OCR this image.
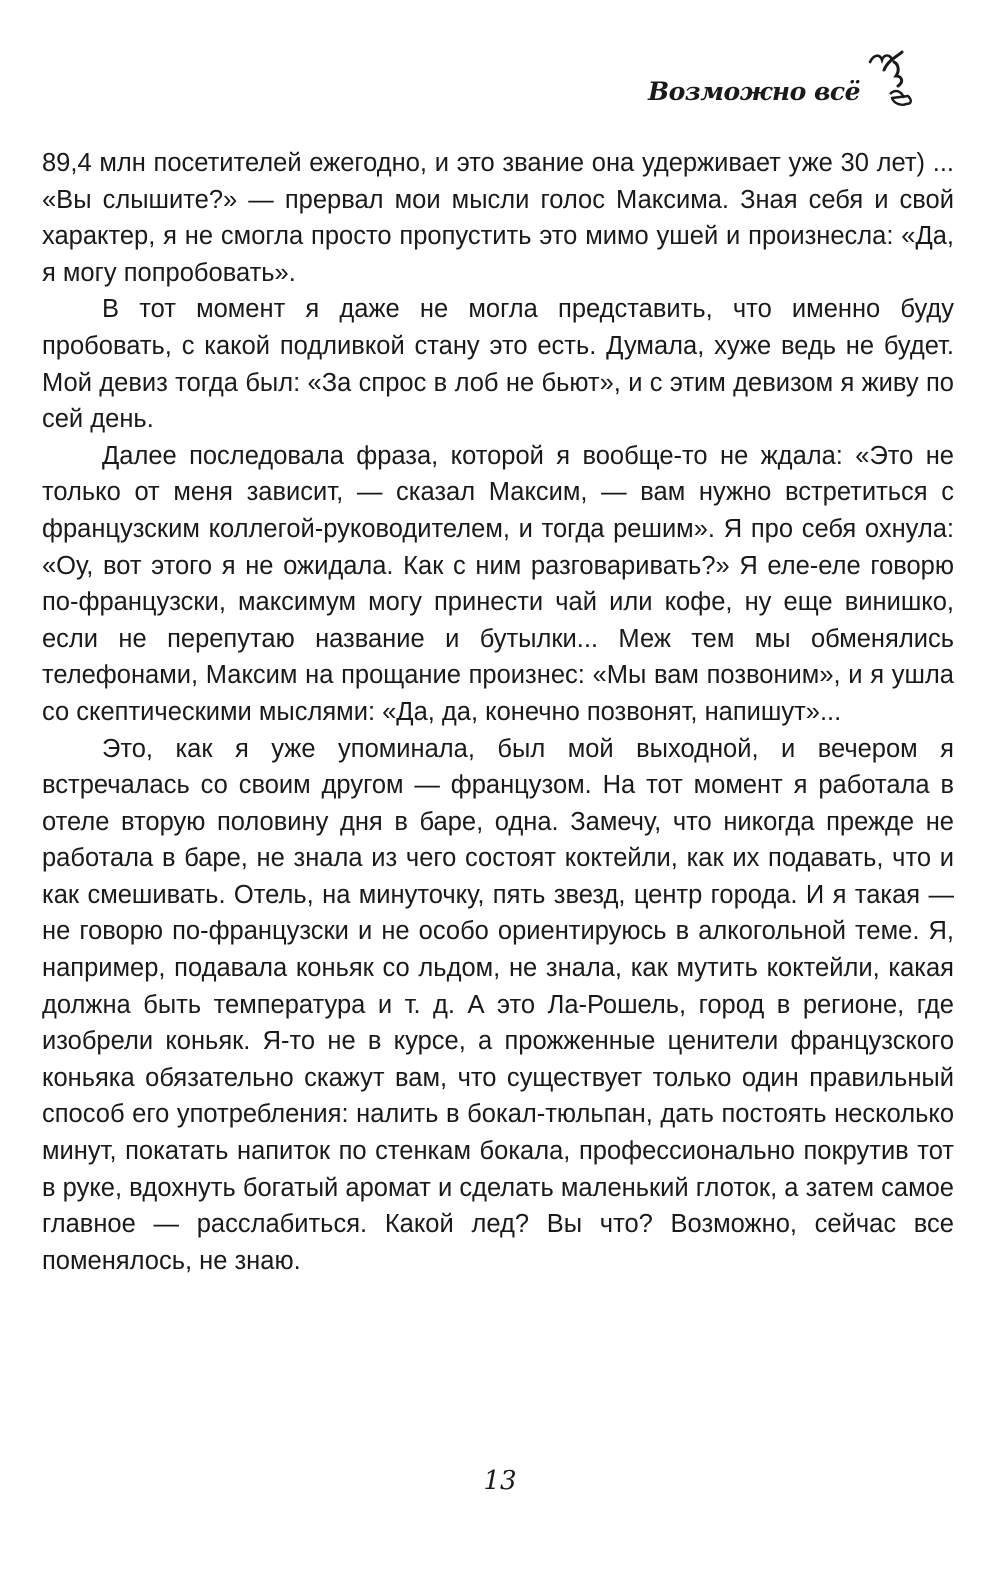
Возможно всё

89,4 млн посетителей ежегодно, и это звание она удерживает уже 30 лет) ... «Вы слышите?» — прервал мои мысли голос Максима. Зная себя и свой характер, я не смогла просто пропустить это мимо ушей и произнесла: «Да, я могу попробовать».

В тот момент я даже не могла представить, что именно буду пробовать, с какой подливкой стану это есть. Думала, хуже ведь не будет. Мой девиз тогда был: «За спрос в лоб не бьют», и с этим девизом я живу по сей день.

Далее последовала фраза, которой я вообще-то не ждала: «Это не только от меня зависит, — сказал Максим, — вам нужно встретиться с французским коллегой-руководителем, и тогда решим». Я про себя охнула: «Оу, вот этого я не ожидала. Как с ним разговаривать?» Я еле-еле говорю по-французски, максимум могу принести чай или кофе, ну еще винишко, если не перепутаю название и бутылки... Меж тем мы обменялись телефонами, Максим на прощание произнес: «Мы вам позвоним», и я ушла со скептическими мыслями: «Да, да, конечно позвонят, напишут»...

Это, как я уже упоминала, был мой выходной, и вечером я встречалась со своим другом — французом. На тот момент я работала в отеле вторую половину дня в баре, одна. Замечу, что никогда прежде не работала в баре, не знала из чего состоят коктейли, как их подавать, что и как смешивать. Отель, на минуточку, пять звезд, центр города. И я такая — не говорю по-французски и не особо ориентируюсь в алкогольной теме. Я, например, подавала коньяк со льдом, не знала, как мутить коктейли, какая должна быть температура и т. д. А это Ла-Рошель, город в регионе, где изобрели коньяк. Я-то не в курсе, а прожженные ценители французского коньяка обязательно скажут вам, что существует только один правильный способ его употребления: налить в бокал-тюльпан, дать постоять несколько минут, покатать напиток по стенкам бокала, профессионально покрутив тот в руке, вдохнуть богатый аромат и сделать маленький глоток, а затем самое главное — расслабиться. Какой лед? Вы что? Возможно, сейчас все поменялось, не знаю.

13
